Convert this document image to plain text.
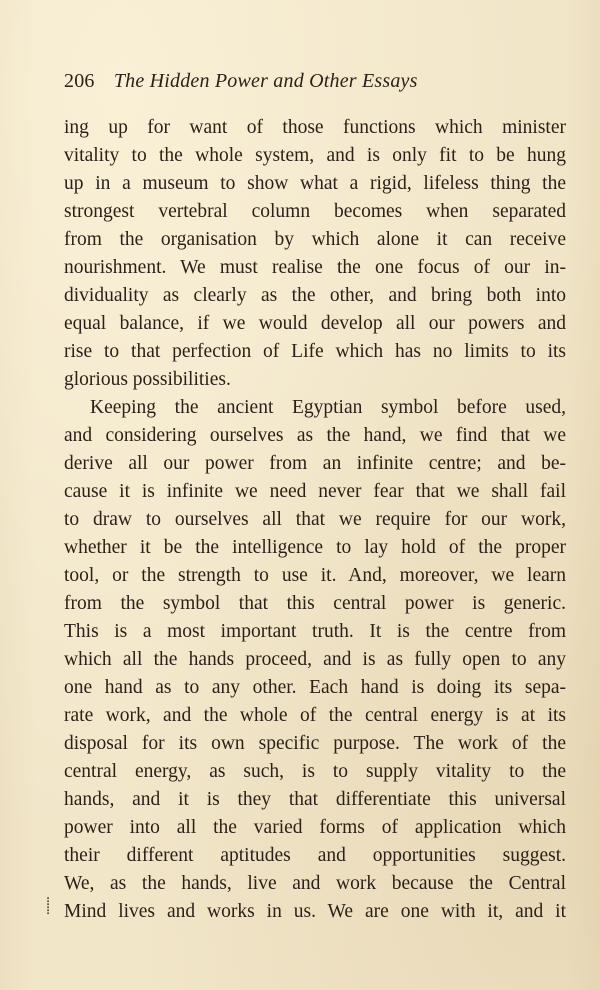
206 The Hidden Power and Other Essays
ing up for want of those functions which minister
vitality to the whole system, and is only fit to be hung
up in a museum to show what a rigid, lifeless thing the
strongest vertebral column becomes when separated
from the organisation by which alone it can receive
nourishment. We must realise the one focus of our in-
dividuality as clearly as the other, and bring both into
equal balance, if we would develop all our powers and
rise to that perfection of Life which has no limits to its
glorious possibilities.
Keeping the ancient Egyptian symbol before used,
and considering ourselves as the hand, we find that we
derive all our power from an infinite centre; and be-
cause it is infinite we need never fear that we shall fail
to draw to ourselves all that we require for our work,
whether it be the intelligence to lay hold of the proper
tool, or the strength to use it. And, moreover, we learn
from the symbol that this central power is generic.
This is a most important truth. It is the centre from
which all the hands proceed, and is as fully open to any
one hand as to any other. Each hand is doing its sepa-
rate work, and the whole of the central energy is at its
disposal for its own specific purpose. The work of the
central energy, as such, is to supply vitality to the
hands, and it is they that differentiate this universal
power into all the varied forms of application which
their different aptitudes and opportunities suggest.
We, as the hands, live and work because the Central
Mind lives and works in us. We are one with it, and it
⸽
